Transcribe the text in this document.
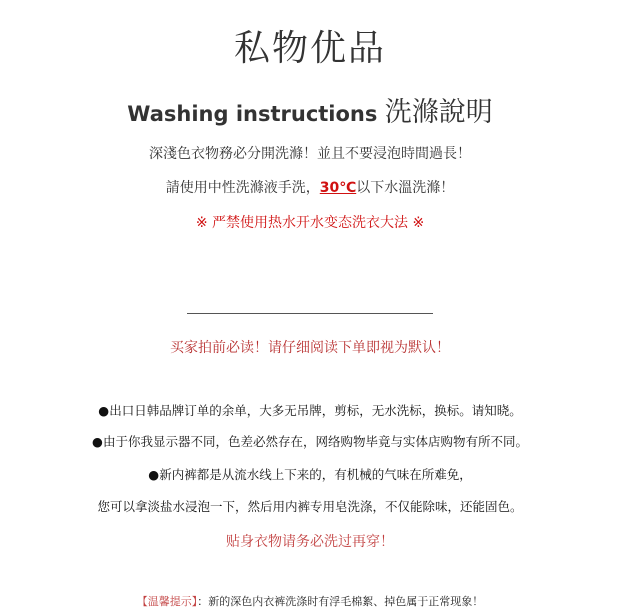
私物优品
Washing instructions 洗滌說明
深淺色衣物務必分開洗滌！並且不要浸泡時間過長！
請使用中性洗滌液手洗，30℃以下水溫洗滌！
※ 严禁使用热水开水变态洗衣大法 ※
买家拍前必读！请仔细阅读下单即视为默认！
●出口日韩品牌订单的余单，大多无吊牌，剪标，无水洗标，换标。请知晓。
●由于你我显示器不同，色差必然存在，网络购物毕竟与实体店购物有所不同。
●新内裤都是从流水线上下来的，有机械的气味在所难免，
您可以拿淡盐水浸泡一下，然后用内裤专用皂洗涤，不仅能除味，还能固色。
贴身衣物请务必洗过再穿！
【温馨提示】：新的深色内衣裤洗涤时有浮毛棉絮、掉色属于正常现象！
